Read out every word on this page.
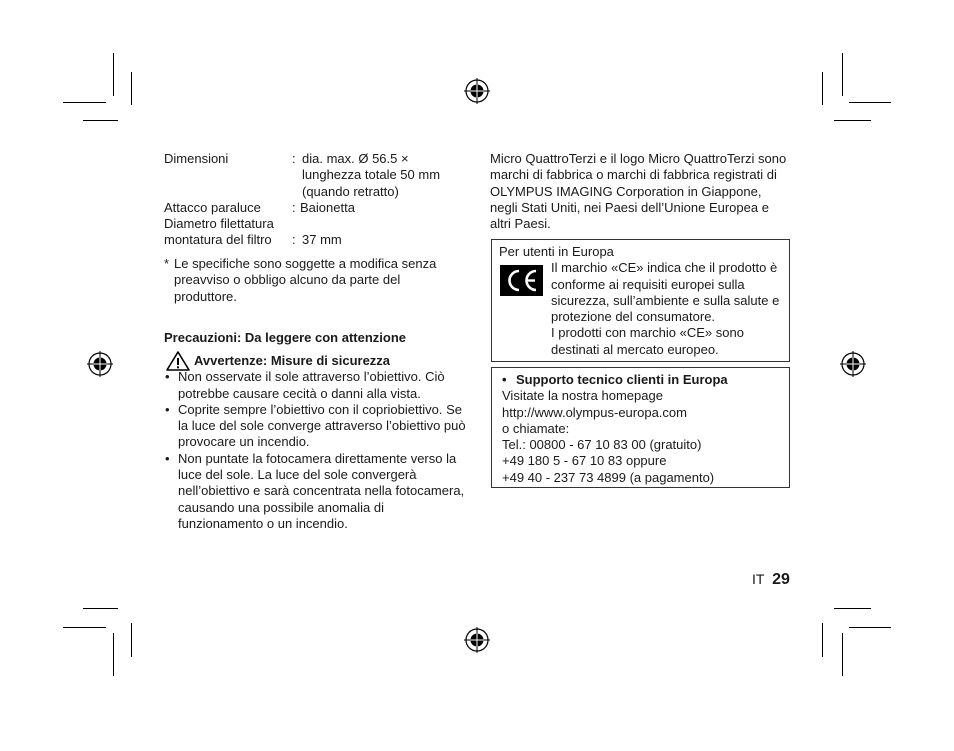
Dimensioni	: dia. max. Ø 56.5 ×
lunghezza totale 50 mm
(quando retratto)
Attacco paraluce : Baionetta
Diametro filettatura
montatura del filtro : 37 mm
* Le specifiche sono soggette a modifica senza preavviso o obbligo alcuno da parte del produttore.
Precauzioni: Da leggere con attenzione
Avvertenze: Misure di sicurezza
• Non osservate il sole attraverso l’obiettivo. Ciò potrebbe causare cecità o danni alla vista.
• Coprite sempre l’obiettivo con il copriobiettivo. Se la luce del sole converge attraverso l’obiettivo può provocare un incendio.
• Non puntate la fotocamera direttamente verso la luce del sole. La luce del sole convergerà nell’obiettivo e sarà concentrata nella fotocamera, causando una possibile anomalia di funzionamento o un incendio.
Micro QuattroTerzi e il logo Micro QuattroTerzi sono marchi di fabbrica o marchi di fabbrica registrati di OLYMPUS IMAGING Corporation in Giappone, negli Stati Uniti, nei Paesi dell’Unione Europea e altri Paesi.
Per utenti in Europa
Il marchio «CE» indica che il prodotto è conforme ai requisiti europei sulla sicurezza, sull’ambiente e sulla salute e protezione del consumatore.
I prodotti con marchio «CE» sono destinati al mercato europeo.
• Supporto tecnico clienti in Europa
Visitate la nostra homepage
http://www.olympus-europa.com
o chiamate:
Tel.: 00800 - 67 10 83 00 (gratuito)
+49 180 5 - 67 10 83 oppure
+49 40 - 237 73 4899 (a pagamento)
IT 29
